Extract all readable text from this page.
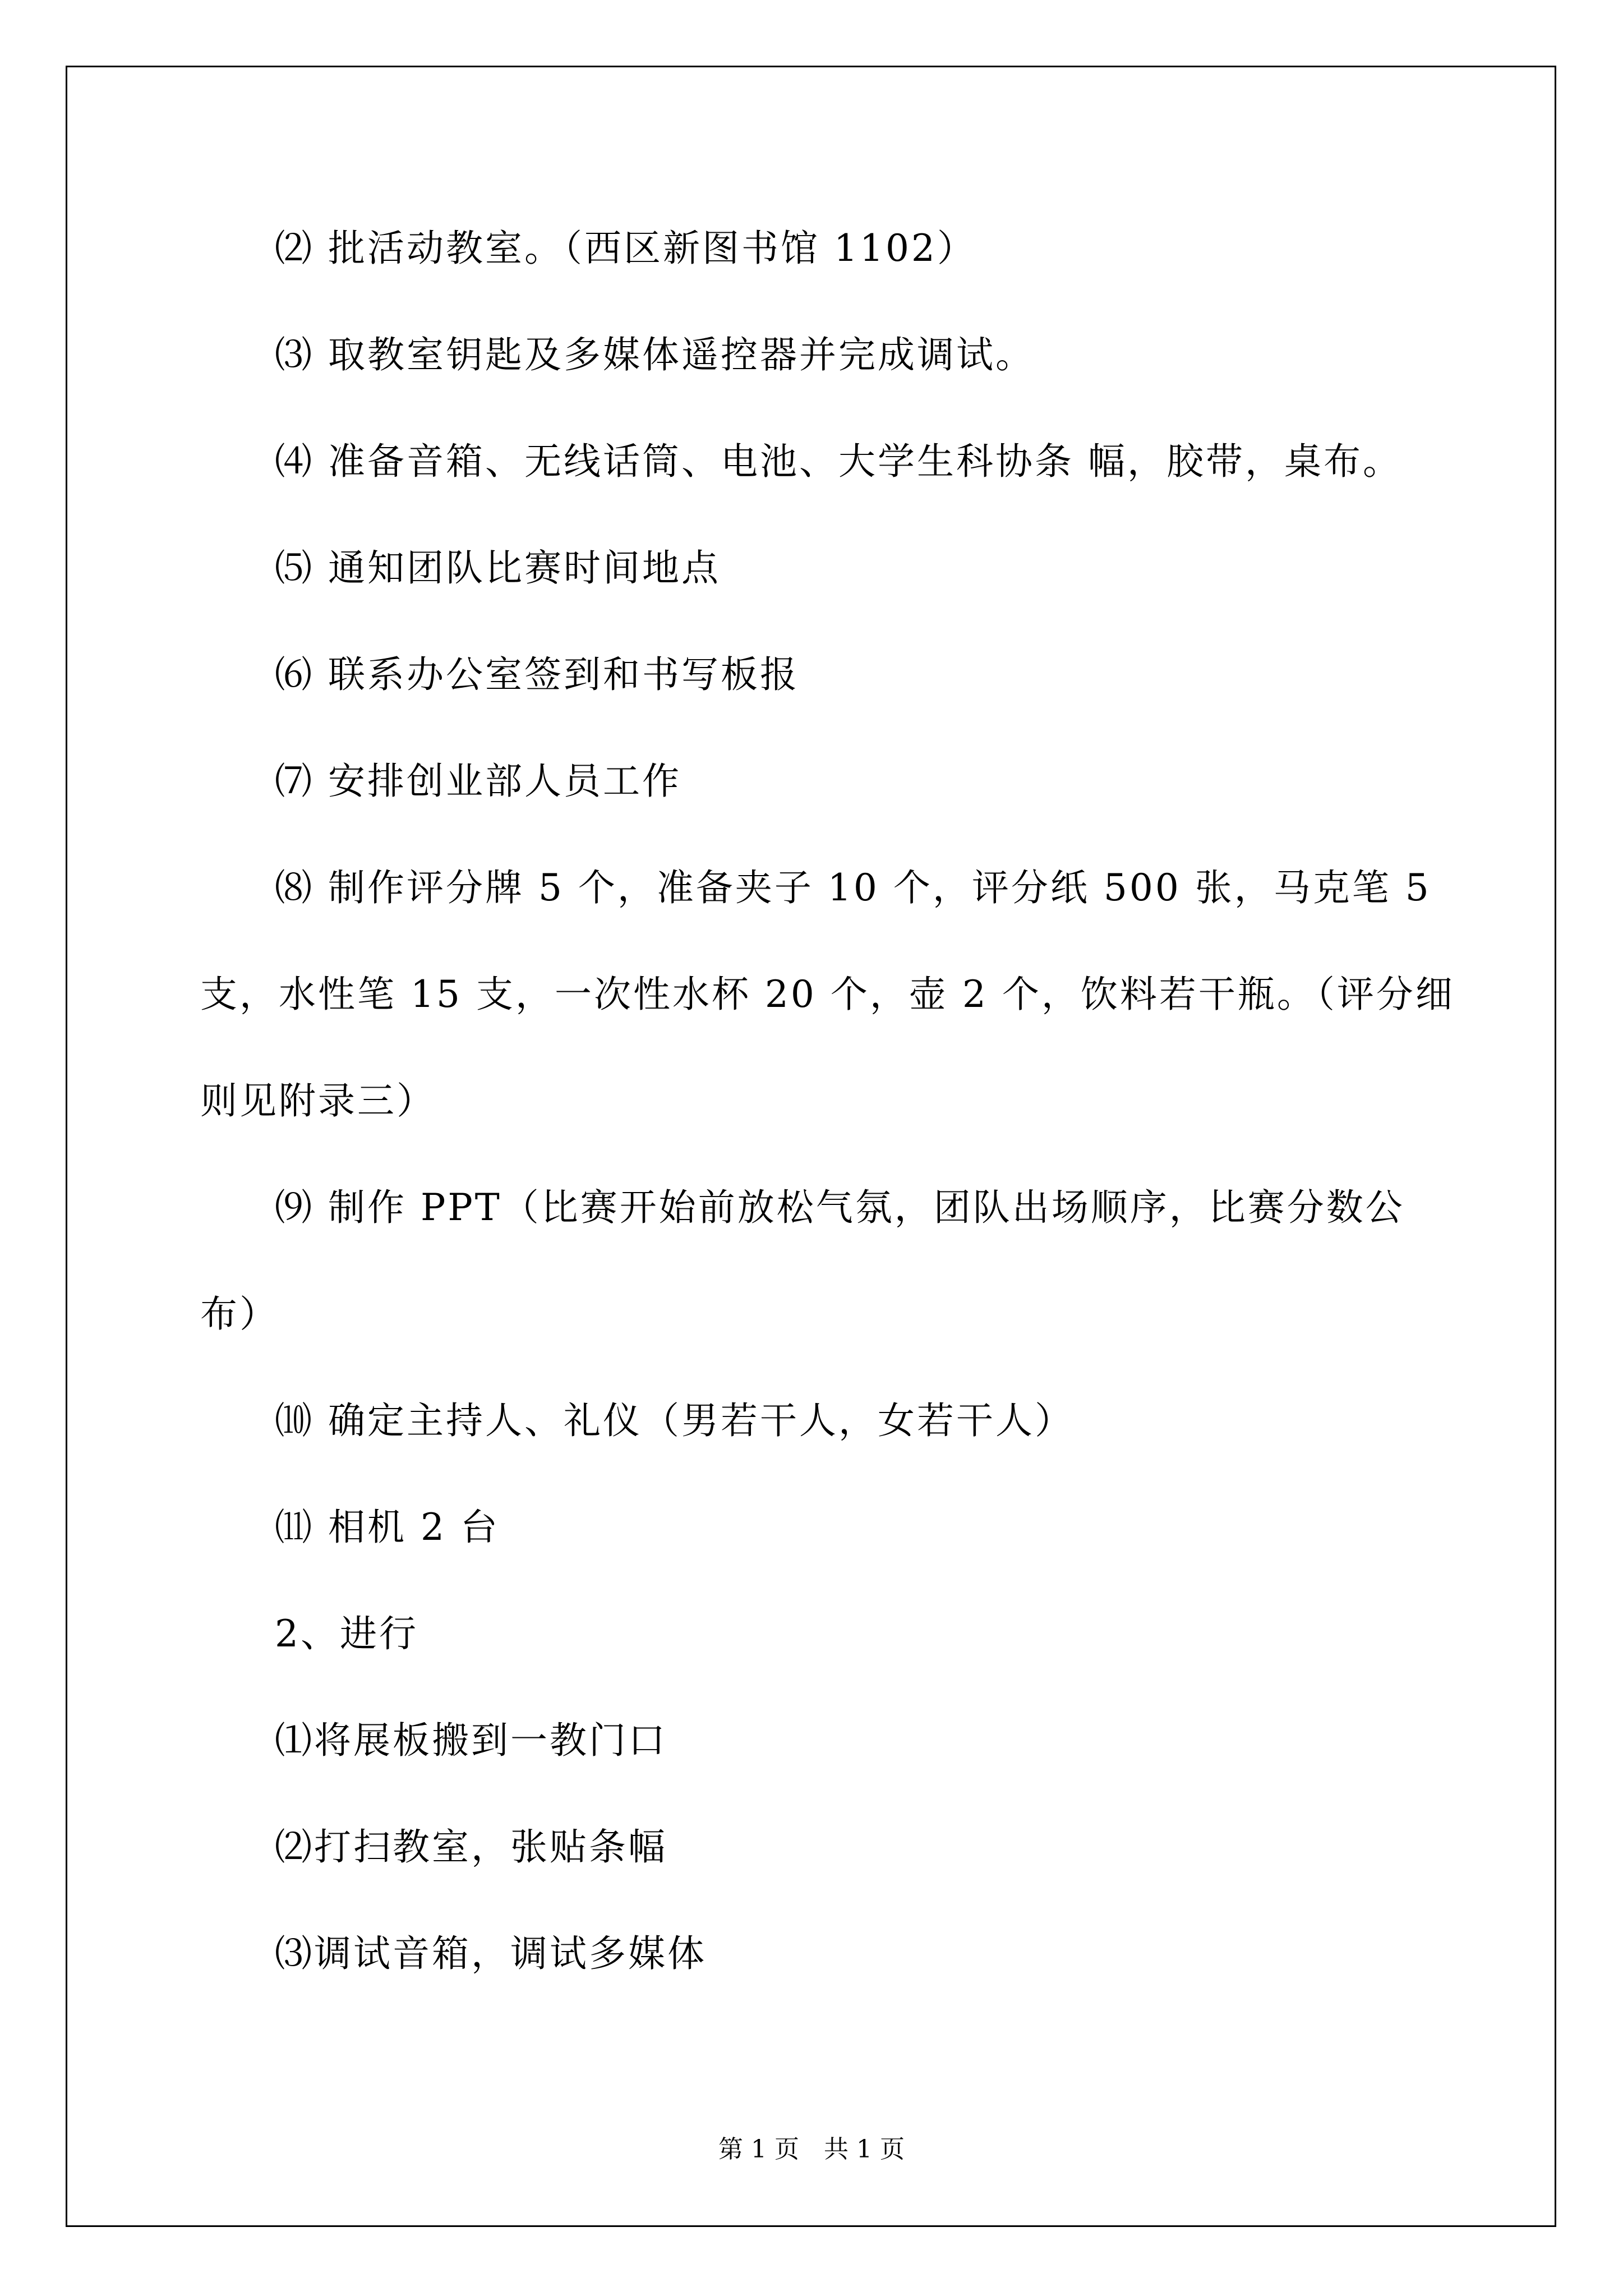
⑵ 批活动教室。（西区新图书馆 1102）
⑶ 取教室钥匙及多媒体遥控器并完成调试。
⑷ 准备音箱、无线话筒、电池、大学生科协条 幅，胶带，桌布。
⑸ 通知团队比赛时间地点
⑹ 联系办公室签到和书写板报
⑺ 安排创业部人员工作
⑻ 制作评分牌 5 个，准备夹子 10 个，评分纸 500 张，马克笔 5
支，水性笔 15 支，一次性水杯 20 个，壶 2 个，饮料若干瓶。（评分细
则见附录三）
⑼ 制作 PPT（比赛开始前放松气氛，团队出场顺序，比赛分数公
布）
⑽ 确定主持人、礼仪（男若干人，女若干人）
⑾ 相机 2 台
2、进行
⑴将展板搬到一教门口
⑵打扫教室，张贴条幅
⑶调试音箱，调试多媒体
第 1 页　共 1 页
